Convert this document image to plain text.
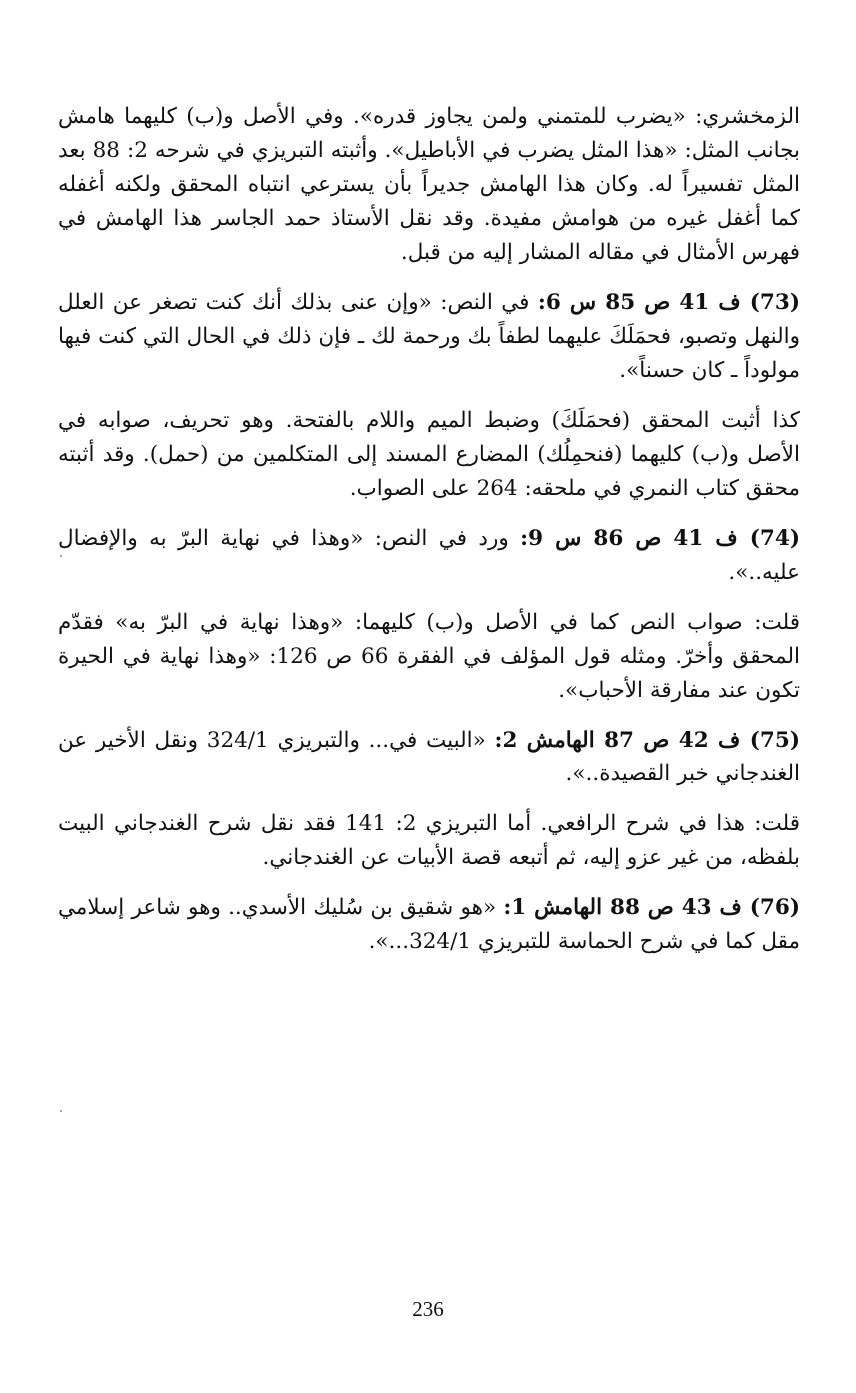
الزمخشري: «يضرب للمتمني ولمن يجاوز قدره». وفي الأصل و(ب) كليهما هامش بجانب المثل: «هذا المثل يضرب في الأباطيل». وأثبته التبريزي في شرحه 2: 88 بعد المثل تفسيراً له. وكان هذا الهامش جديراً بأن يسترعي انتباه المحقق ولكنه أغفله كما أغفل غيره من هوامش مفيدة. وقد نقل الأستاذ حمد الجاسر هذا الهامش في فهرس الأمثال في مقاله المشار إليه من قبل.

(73) ف 41 ص 85 س 6: في النص: «وإن عنى بذلك أنك كنت تصغر عن العلل والنهل وتصبو، فحمَلَكَ عليهما لطفاً بك ورحمة لك ـ فإن ذلك في الحال التي كنت فيها مولوداً ـ كان حسناً».

كذا أثبت المحقق (فحمَلَكَ) وضبط الميم واللام بالفتحة. وهو تحريف، صوابه في الأصل و(ب) كليهما (فنحمِلُك) المضارع المسند إلى المتكلمين من (حمل). وقد أثبته محقق كتاب النمري في ملحقه: 264 على الصواب.

(74) ف 41 ص 86 س 9: ورد في النص: «وهذا في نهاية البرّ به والإفضال عليه..».

قلت: صواب النص كما في الأصل و(ب) كليهما: «وهذا نهاية في البرّ به» فقدّم المحقق وأخرّ. ومثله قول المؤلف في الفقرة 66 ص 126: «وهذا نهاية في الحيرة تكون عند مفارقة الأحباب».

(75) ف 42 ص 87 الهامش 2: «البيت في... والتبريزي 324/1 ونقل الأخير عن الغندجاني خبر القصيدة..».

قلت: هذا في شرح الرافعي. أما التبريزي 2: 141 فقد نقل شرح الغندجاني البيت بلفظه، من غير عزو إليه، ثم أتبعه قصة الأبيات عن الغندجاني.

(76) ف 43 ص 88 الهامش 1: «هو شقيق بن سُليك الأسدي.. وهو شاعر إسلامي مقل كما في شرح الحماسة للتبريزي 324/1...».

236
